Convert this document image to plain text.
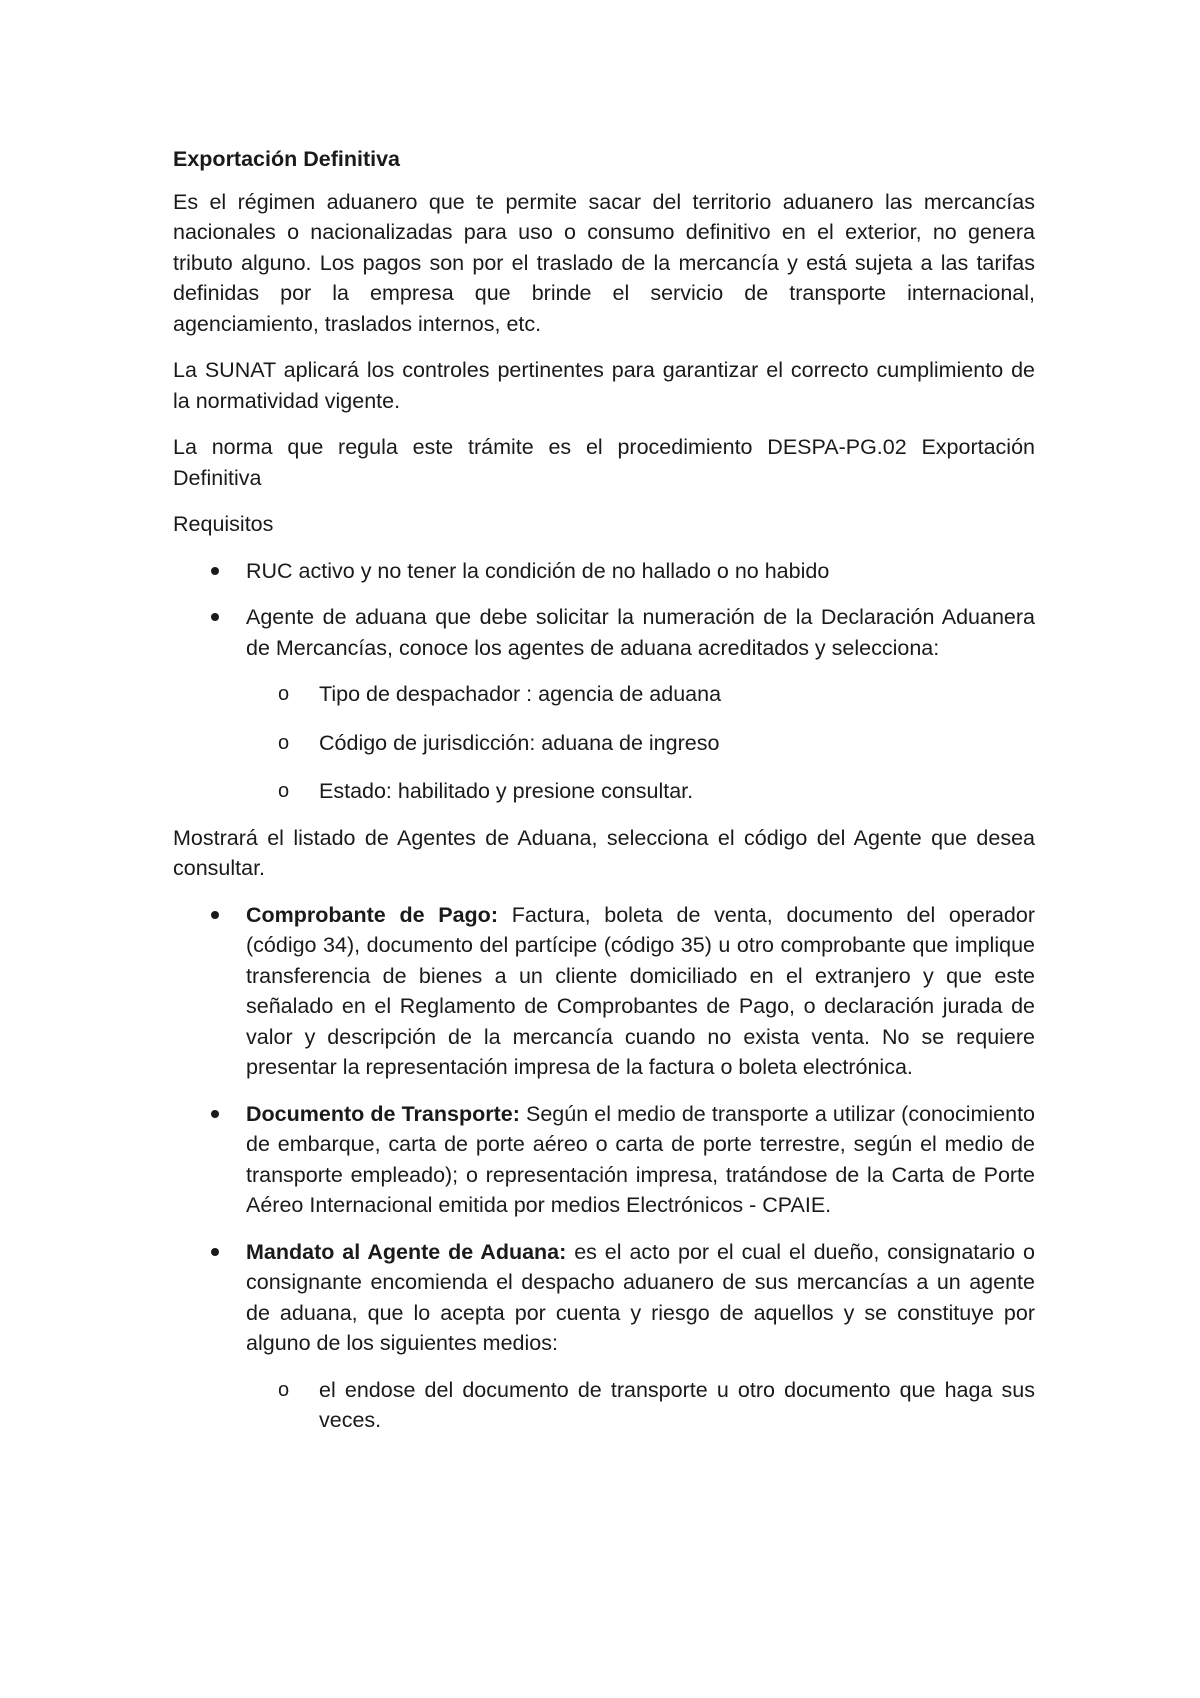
Exportación Definitiva

Es el régimen aduanero que te permite sacar del territorio aduanero las mercancías nacionales o nacionalizadas para uso o consumo definitivo en el exterior, no genera tributo alguno. Los pagos son por el traslado de la mercancía y está sujeta a las tarifas definidas por la empresa que brinde el servicio de transporte internacional, agenciamiento, traslados internos, etc.

La SUNAT aplicará los controles pertinentes para garantizar el correcto cumplimiento de la normatividad vigente.

La norma que regula este trámite es el procedimiento DESPA-PG.02 Exportación Definitiva

Requisitos

RUC activo y no tener la condición de no hallado o no habido
Agente de aduana que debe solicitar la numeración de la Declaración Aduanera de Mercancías, conoce los agentes de aduana acreditados y selecciona:
o Tipo de despachador : agencia de aduana
o Código de jurisdicción: aduana de ingreso
o Estado: habilitado y presione consultar.

Mostrará el listado de Agentes de Aduana, selecciona el código del Agente que desea consultar.

Comprobante de Pago: Factura, boleta de venta, documento del operador (código 34), documento del partícipe (código 35) u otro comprobante que implique transferencia de bienes a un cliente domiciliado en el extranjero y que este señalado en el Reglamento de Comprobantes de Pago, o declaración jurada de valor y descripción de la mercancía cuando no exista venta. No se requiere presentar la representación impresa de la factura o boleta electrónica.
Documento de Transporte: Según el medio de transporte a utilizar (conocimiento de embarque, carta de porte aéreo o carta de porte terrestre, según el medio de transporte empleado); o representación impresa, tratándose de la Carta de Porte Aéreo Internacional emitida por medios Electrónicos - CPAIE.
Mandato al Agente de Aduana: es el acto por el cual el dueño, consignatario o consignante encomienda el despacho aduanero de sus mercancías a un agente de aduana, que lo acepta por cuenta y riesgo de aquellos y se constituye por alguno de los siguientes medios:
o el endose del documento de transporte u otro documento que haga sus veces.
